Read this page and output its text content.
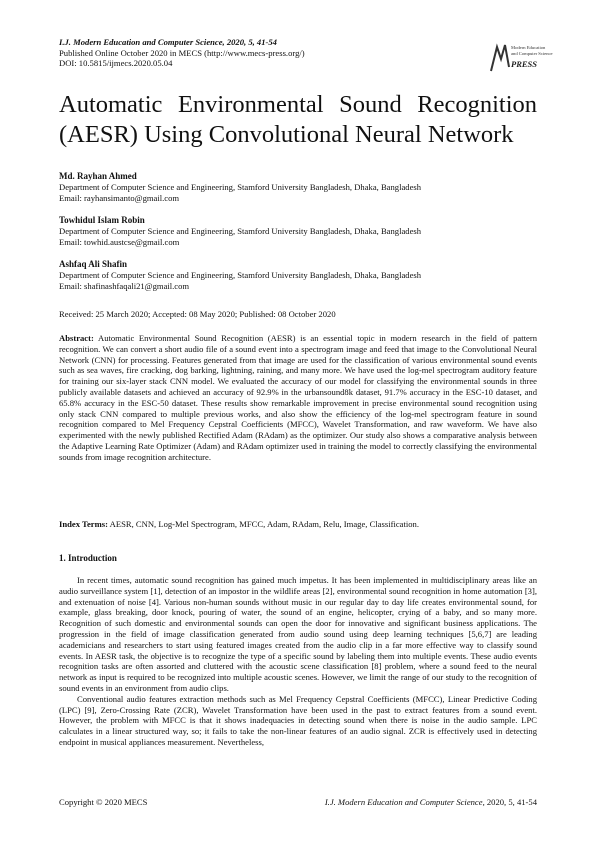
I.J. Modern Education and Computer Science, 2020, 5, 41-54
Published Online October 2020 in MECS (http://www.mecs-press.org/)
DOI: 10.5815/ijmecs.2020.05.04
Modern Education
and Computer Science
PRESS
Automatic Environmental Sound Recognition (AESR) Using Convolutional Neural Network
Md. Rayhan Ahmed
Department of Computer Science and Engineering, Stamford University Bangladesh, Dhaka, Bangladesh
Email: rayhansimanto@gmail.com
Towhidul Islam Robin
Department of Computer Science and Engineering, Stamford University Bangladesh, Dhaka, Bangladesh
Email: towhid.austcse@gmail.com
Ashfaq Ali Shafin
Department of Computer Science and Engineering, Stamford University Bangladesh, Dhaka, Bangladesh
Email: shafinashfaqali21@gmail.com
Received: 25 March 2020; Accepted: 08 May 2020; Published: 08 October 2020
Abstract: Automatic Environmental Sound Recognition (AESR) is an essential topic in modern research in the field of pattern recognition. We can convert a short audio file of a sound event into a spectrogram image and feed that image to the Convolutional Neural Network (CNN) for processing. Features generated from that image are used for the classification of various environmental sound events such as sea waves, fire cracking, dog barking, lightning, raining, and many more. We have used the log-mel spectrogram auditory feature for training our six-layer stack CNN model. We evaluated the accuracy of our model for classifying the environmental sounds in three publicly available datasets and achieved an accuracy of 92.9% in the urbansound8k dataset, 91.7% accuracy in the ESC-10 dataset, and 65.8% accuracy in the ESC-50 dataset. These results show remarkable improvement in precise environmental sound recognition using only stack CNN compared to multiple previous works, and also show the efficiency of the log-mel spectrogram feature in sound recognition compared to Mel Frequency Cepstral Coefficients (MFCC), Wavelet Transformation, and raw waveform. We have also experimented with the newly published Rectified Adam (RAdam) as the optimizer. Our study also shows a comparative analysis between the Adaptive Learning Rate Optimizer (Adam) and RAdam optimizer used in training the model to correctly classifying the environmental sounds from image recognition architecture.
Index Terms: AESR, CNN, Log-Mel Spectrogram, MFCC, Adam, RAdam, Relu, Image, Classification.
1. Introduction

In recent times, automatic sound recognition has gained much impetus. It has been implemented in multidisciplinary areas like an audio surveillance system [1], detection of an impostor in the wildlife areas [2], environmental sound recognition in home automation [3], and extenuation of noise [4]. Various non-human sounds without music in our regular day to day life creates environmental sound, for example, glass breaking, door knock, pouring of water, the sound of an engine, helicopter, crying of a baby, and so many more. Recognition of such domestic and environmental sounds can open the door for innovative and significant business applications. The progression in the field of image classification generated from audio sound using deep learning techniques [5,6,7] are leading academicians and researchers to start using featured images created from the audio clip in a far more effective way to classify sound events. In AESR task, the objective is to recognize the type of a specific sound by labeling them into multiple events. These audio events recognition tasks are often assorted and cluttered with the acoustic scene classification [8] problem, where a sound feed to the neural network as input is required to be recognized into multiple acoustic scenes. However, we limit the range of our study to the recognition of sound events in an environment from audio clips.

Conventional audio features extraction methods such as Mel Frequency Cepstral Coefficients (MFCC), Linear Predictive Coding (LPC) [9], Zero-Crossing Rate (ZCR), Wavelet Transformation have been used in the past to extract features from a sound event. However, the problem with MFCC is that it shows inadequacies in detecting sound when there is noise in the audio sample. LPC calculates in a linear structured way, so; it fails to take the non-linear features of an audio signal. ZCR is effectively used in detecting endpoint in musical appliances measurement. Nevertheless,

Copyright © 2020 MECS	I.J. Modern Education and Computer Science, 2020, 5, 41-54
